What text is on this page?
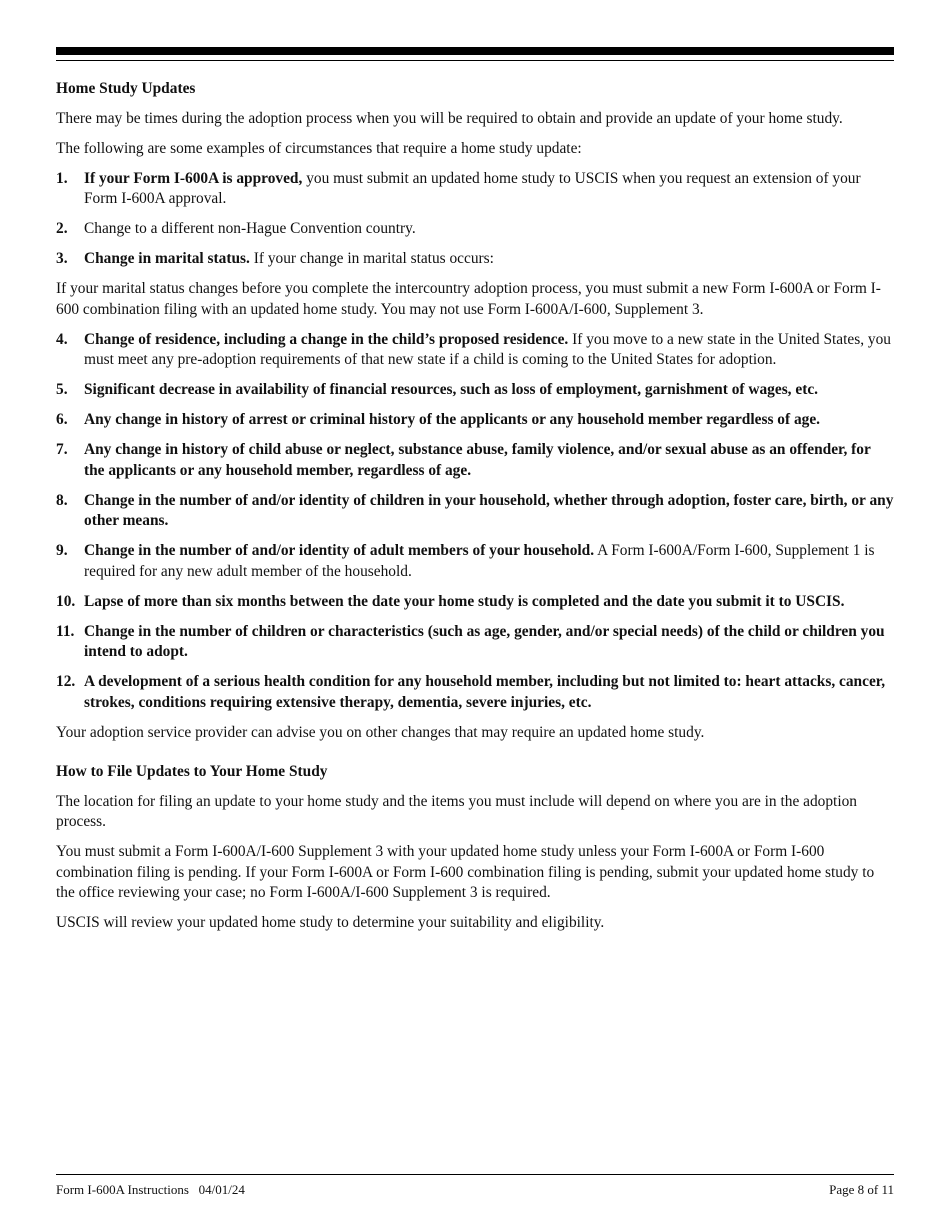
Home Study Updates

There may be times during the adoption process when you will be required to obtain and provide an update of your home study.

The following are some examples of circumstances that require a home study update:

1.	If your Form I-600A is approved, you must submit an updated home study to USCIS when you request an extension of your Form I-600A approval.
2.	Change to a different non-Hague Convention country.
3.	Change in marital status. If your change in marital status occurs:

If your marital status changes before you complete the intercountry adoption process, you must submit a new Form I-600A or Form I-600 combination filing with an updated home study. You may not use Form I-600A/I-600, Supplement 3.

4.	Change of residence, including a change in the child’s proposed residence. If you move to a new state in the United States, you must meet any pre-adoption requirements of that new state if a child is coming to the United States for adoption.
5.	Significant decrease in availability of financial resources, such as loss of employment, garnishment of wages, etc.
6.	Any change in history of arrest or criminal history of the applicants or any household member regardless of age.
7.	Any change in history of child abuse or neglect, substance abuse, family violence, and/or sexual abuse as an offender, for the applicants or any household member, regardless of age.
8.	Change in the number of and/or identity of children in your household, whether through adoption, foster care, birth, or any other means.
9.	Change in the number of and/or identity of adult members of your household. A Form I-600A/Form I-600, Supplement 1 is required for any new adult member of the household.
10. Lapse of more than six months between the date your home study is completed and the date you submit it to USCIS.
11. Change in the number of children or characteristics (such as age, gender, and/or special needs) of the child or children you intend to adopt.
12. A development of a serious health condition for any household member, including but not limited to: heart attacks, cancer, strokes, conditions requiring extensive therapy, dementia, severe injuries, etc.

Your adoption service provider can advise you on other changes that may require an updated home study.

How to File Updates to Your Home Study

The location for filing an update to your home study and the items you must include will depend on where you are in the adoption process.

You must submit a Form I-600A/I-600 Supplement 3 with your updated home study unless your Form I-600A or Form I-600 combination filing is pending. If your Form I-600A or Form I-600 combination filing is pending, submit your updated home study to the office reviewing your case; no Form I-600A/I-600 Supplement 3 is required.

USCIS will review your updated home study to determine your suitability and eligibility.

Form I-600A Instructions   04/01/24	Page 8 of 11
